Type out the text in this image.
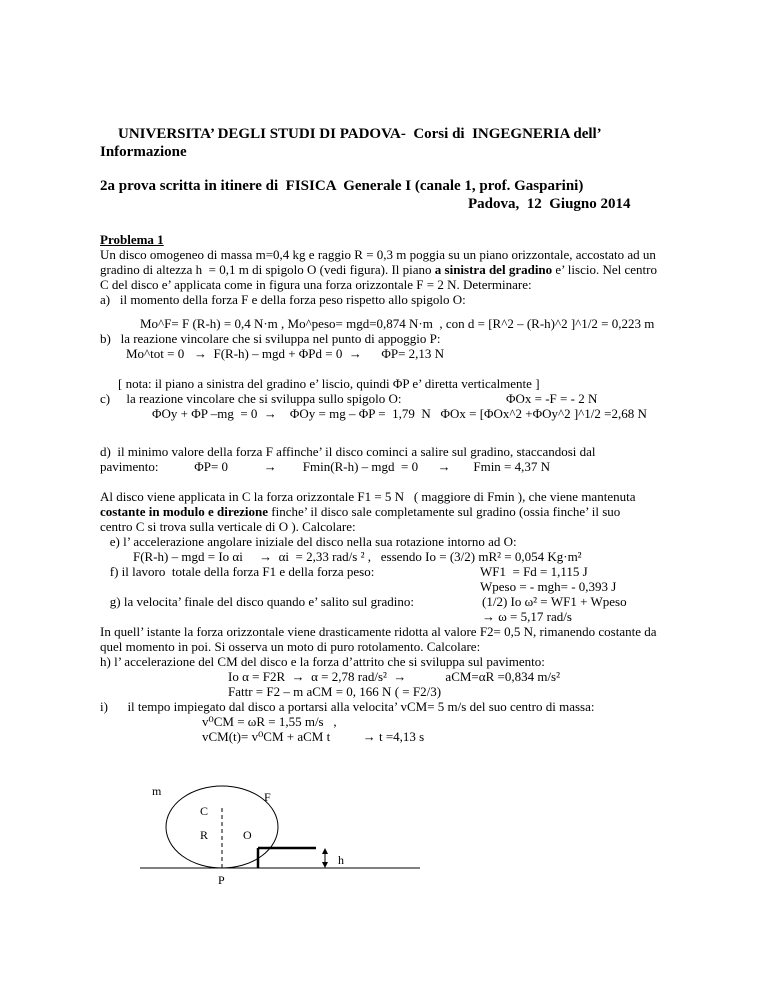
UNIVERSITA’ DEGLI STUDI DI PADOVA-  Corsi di  INGEGNERIA dell’
Informazione
2a prova scritta in itinere di  FISICA  Generale I (canale 1, prof. Gasparini)
Padova,  12  Giugno 2014
Problema 1
Un disco omogeneo di massa m=0,4 kg e raggio R = 0,3 m poggia su un piano orizzontale, accostato ad un
gradino di altezza h  = 0,1 m di spigolo O (vedi figura). Il piano a sinistra del gradino e’ liscio. Nel centro
C del disco e’ applicata come in figura una forza orizzontale F = 2 N. Determinare:
a)   il momento della forza F e della forza peso rispetto allo spigolo O:
Mo^F= F (R-h) = 0,4 N·m , Mo^peso= mgd=0,874 N·m  , con d = [R^2 – (R-h)^2 ]^1/2 = 0,223 m
b)   la reazione vincolare che si sviluppa nel punto di appoggio P:
Mo^tot = 0   →  F(R-h) – mgd + ΦPd = 0  →      ΦP= 2,13 N
[ nota: il piano a sinistra del gradino e’ liscio, quindi ΦP e’ diretta verticalmente ]
c)     la reazione vincolare che si sviluppa sullo spigolo O:	ΦOx = -F = - 2 N
ΦOy + ΦP –mg  = 0  →    ΦOy = mg – ΦP =  1,79  N   ΦOx = [ΦOx^2 +ΦOy^2 ]^1/2 =2,68 N
d)  il minimo valore della forza F affinche’ il disco cominci a salire sul gradino, staccandosi dal
pavimento:           ΦP= 0           →        Fmin(R-h) – mgd  = 0      →       Fmin = 4,37 N
Al disco viene applicata in C la forza orizzontale F1 = 5 N   ( maggiore di Fmin ), che viene mantenuta
costante in modulo e direzione finche’ il disco sale completamente sul gradino (ossia finche’ il suo
centro C si trova sulla verticale di O ). Calcolare:
e) l’ accelerazione angolare iniziale del disco nella sua rotazione intorno ad O:
F(R-h) – mgd = Io αi     →  αi  = 2,33 rad/s ² ,   essendo Io = (3/2) mR² = 0,054 Kg·m²
f) il lavoro  totale della forza F1 e della forza peso:	WF1  = Fd = 1,115 J
Wpeso = - mgh= - 0,393 J
g) la velocita’ finale del disco quando e’ salito sul gradino:	(1/2) Io ω² = WF1 + Wpeso
→ ω = 5,17 rad/s
In quell’ istante la forza orizzontale viene drasticamente ridotta al valore F2= 0,5 N, rimanendo costante da
quel momento in poi. Si osserva un moto di puro rotolamento. Calcolare:
h) l’ accelerazione del CM del disco e la forza d’attrito che si sviluppa sul pavimento:
Io α = F2R  →  α = 2,78 rad/s²  →            aCM=αR =0,834 m/s²
Fattr = F2 – m aCM = 0, 166 N ( = F2/3)
i)      il tempo impiegato dal disco a portarsi alla velocita’ vCM= 5 m/s del suo centro di massa:
v⁰CM = ωR = 1,55 m/s   ,
vCM(t)= v⁰CM + aCM t          → t =4,13 s
m	F
C
R	O
h
P
